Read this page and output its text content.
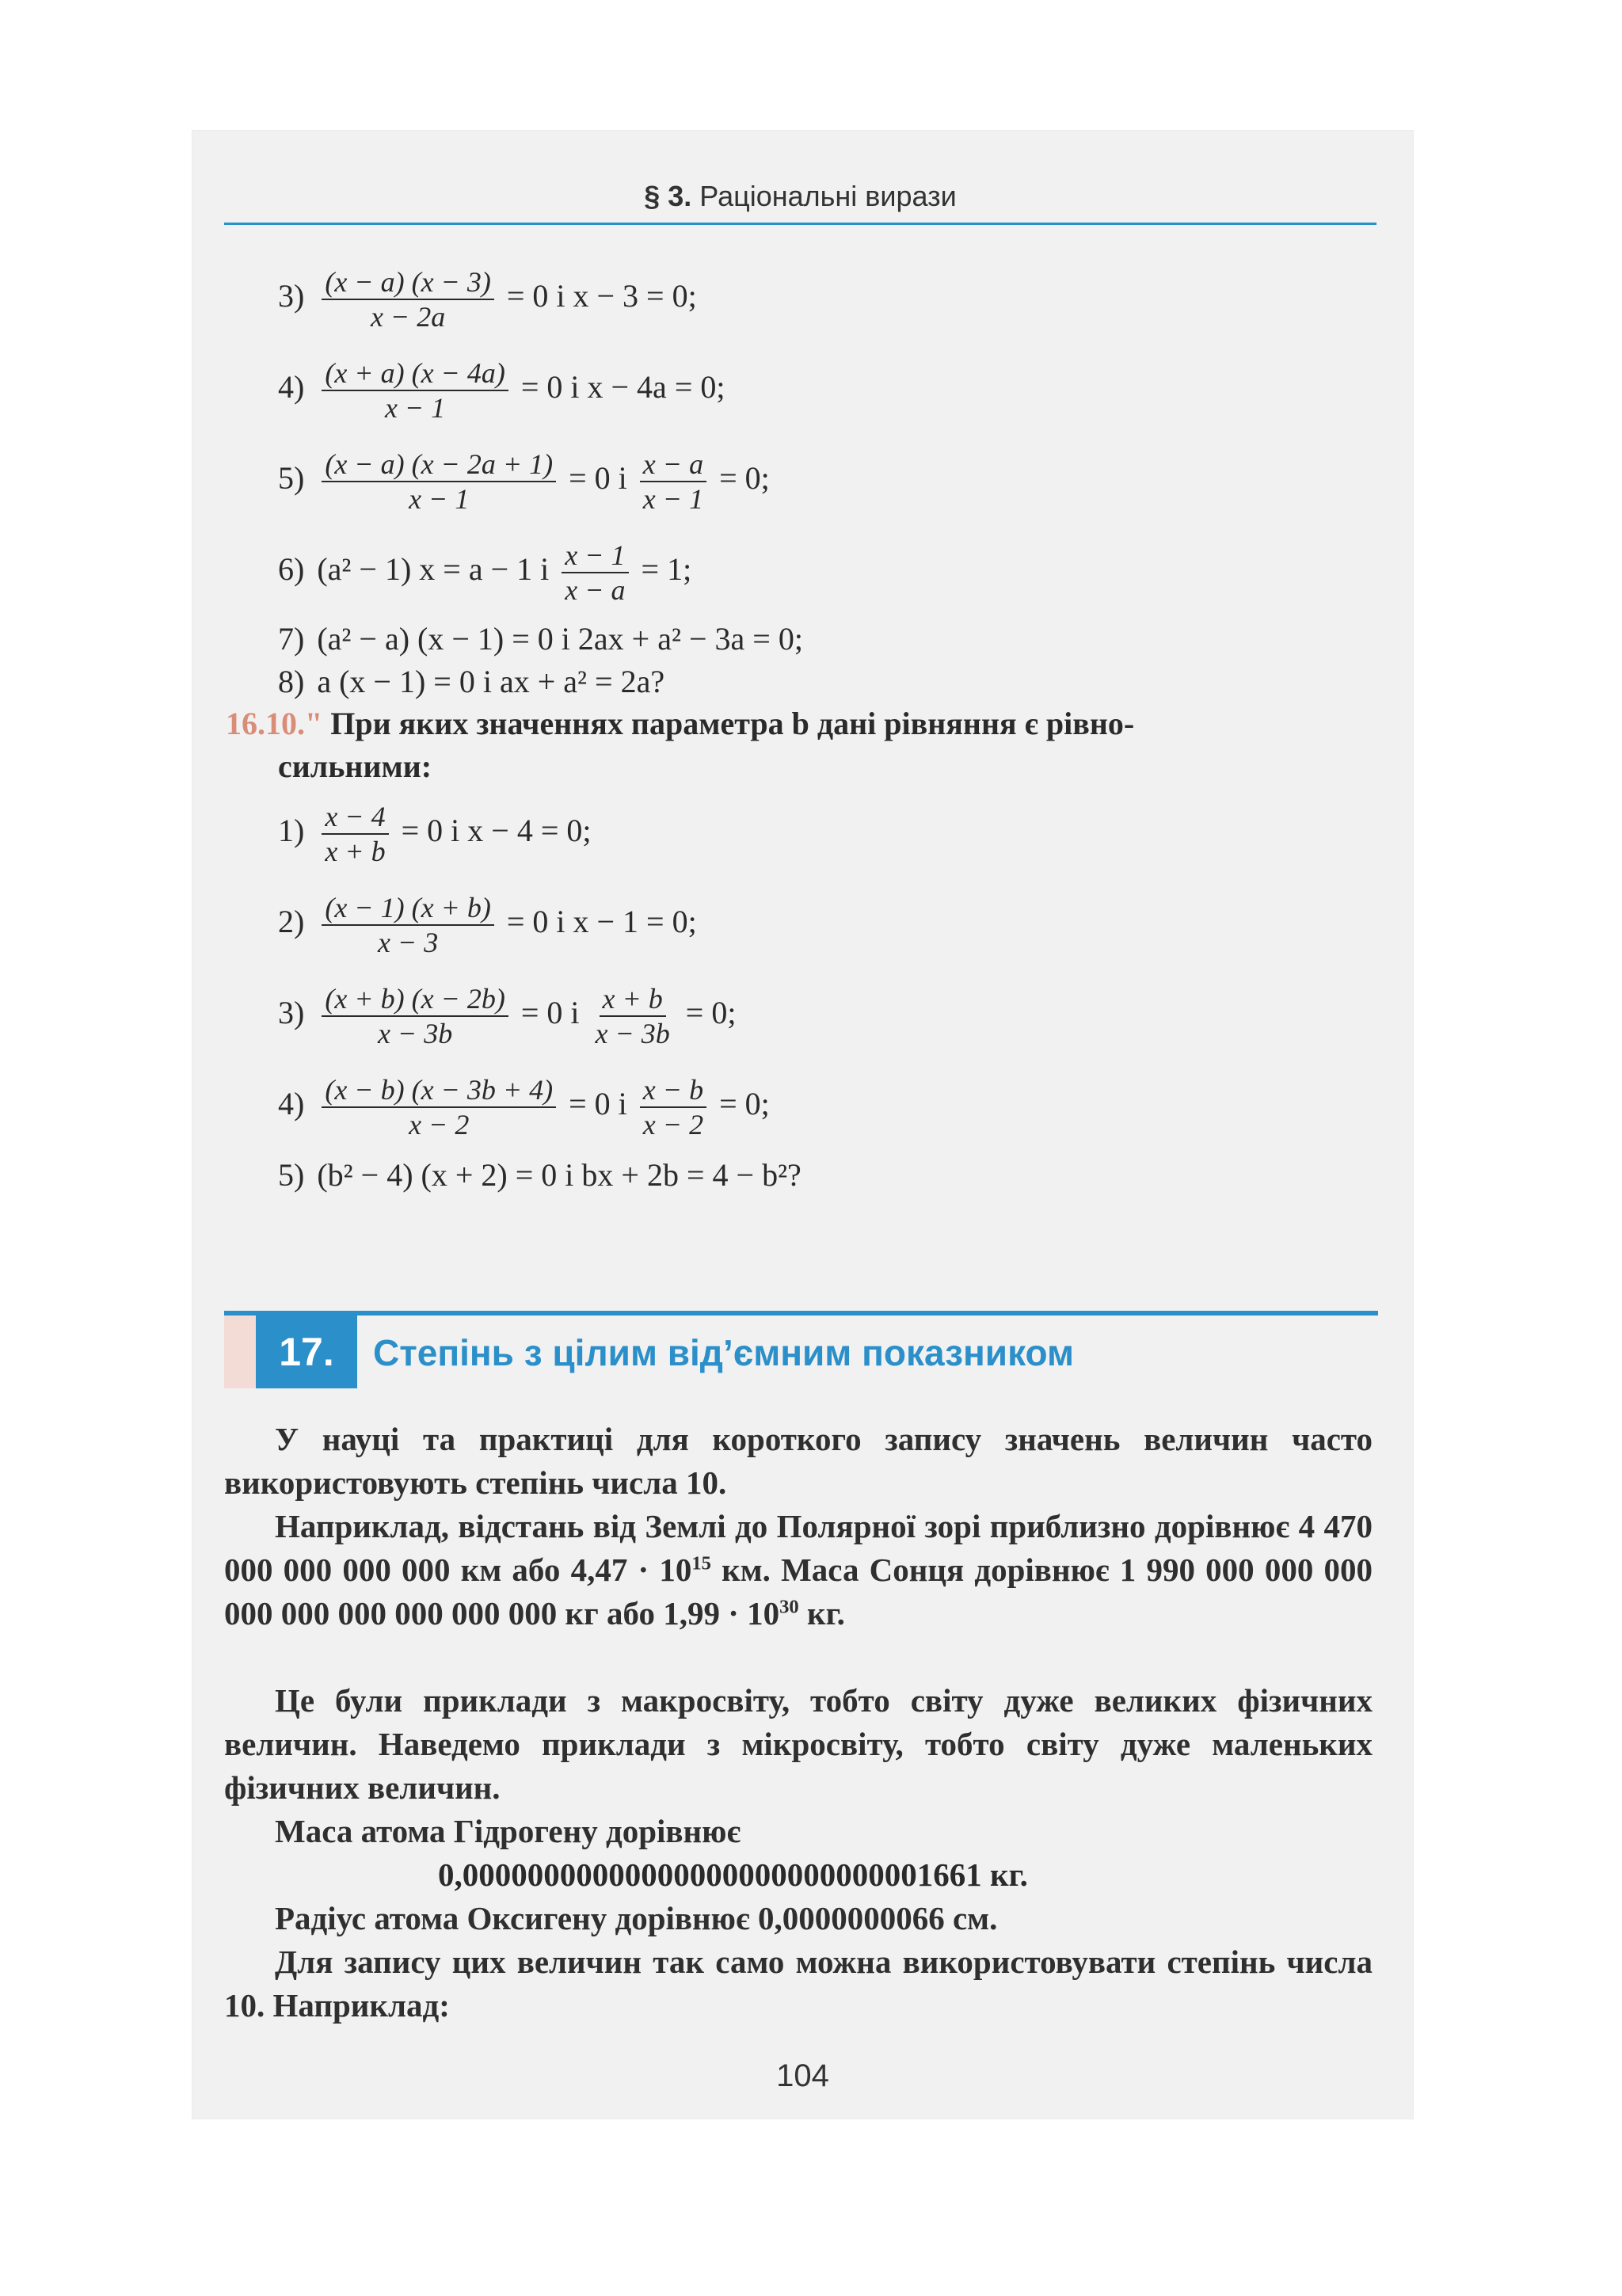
§ 3. Раціональні вирази
$3) \frac{(x - a) (x - 3)}{x - 2a} = 0$ і x − 3 = 0;
$4) \frac{(x + a) (x - 4a)}{x - 1} = 0$ і x − 4a = 0;
$5) \frac{(x - a) (x - 2a + 1)}{x - 1} = 0$ і $\frac{x - a}{x - 1} = 0$;
6) (a² − 1) x = a − 1 і $\frac{x - 1}{x - a} = 1$;
7) (a² − a) (x − 1) = 0 і 2ax + a² − 3a = 0;
8) a (x − 1) = 0 і ax + a² = 2a?
16.10." При яких значеннях параметра b дані рівняння є рівно-
сильними:
$1) \frac{x - 4}{x + b} = 0$ і x − 4 = 0;
$2) \frac{(x - 1) (x + b)}{x - 3} = 0$ і x − 1 = 0;
$3) \frac{(x + b) (x - 2b)}{x - 3b} = 0$ і $\frac{x + b}{x - 3b} = 0$;
$4) \frac{(x - b) (x - 3b + 4)}{x - 2} = 0$ і $\frac{x - b}{x - 2} = 0$;
5) (b² − 4) (x + 2) = 0 і bx + 2b = 4 − b²?
17.	Степінь з цілим від’ємним показником
У науці та практиці для короткого запису значень величин часто використовують степінь числа 10.
Наприклад, відстань від Землі до Полярної зорі приблизно дорівнює 4 470 000 000 000 000 км або $4,47 \cdot 10^{15}$ км. Маса Сонця дорівнює 1 990 000 000 000 000 000 000 000 000 000 кг або $1,99 \cdot 10^{30}$ кг.
Це були приклади з макросвіту, тобто світу дуже великих фізичних величин. Наведемо приклади з мікросвіту, тобто світу дуже маленьких фізичних величин.
Маса атома Гідрогену дорівнює
0,00000000000000000000000000001661 кг.
Радіус атома Оксигену дорівнює 0,0000000066 см.
Для запису цих величин так само можна використовувати степінь числа 10. Наприклад:
104
